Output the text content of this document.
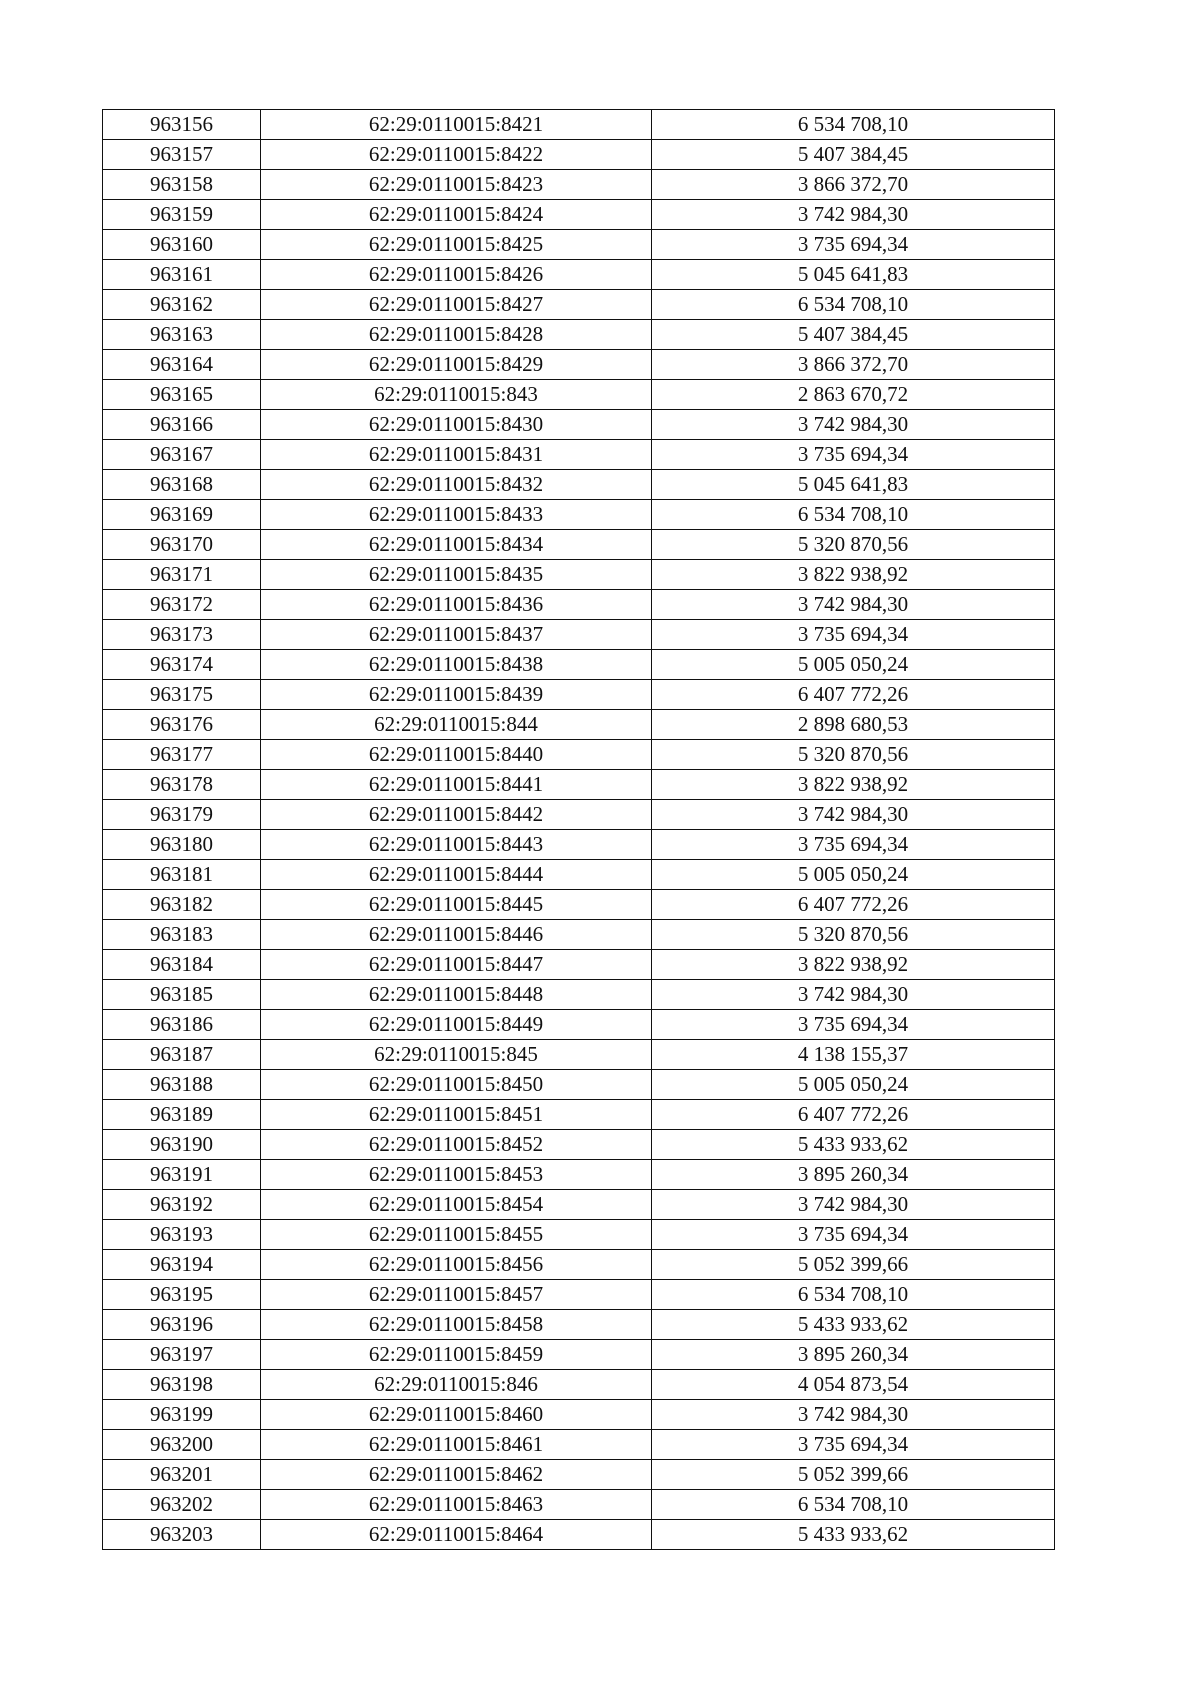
963156	62:29:0110015:8421	6 534 708,10
963157	62:29:0110015:8422	5 407 384,45
963158	62:29:0110015:8423	3 866 372,70
963159	62:29:0110015:8424	3 742 984,30
963160	62:29:0110015:8425	3 735 694,34
963161	62:29:0110015:8426	5 045 641,83
963162	62:29:0110015:8427	6 534 708,10
963163	62:29:0110015:8428	5 407 384,45
963164	62:29:0110015:8429	3 866 372,70
963165	62:29:0110015:843	2 863 670,72
963166	62:29:0110015:8430	3 742 984,30
963167	62:29:0110015:8431	3 735 694,34
963168	62:29:0110015:8432	5 045 641,83
963169	62:29:0110015:8433	6 534 708,10
963170	62:29:0110015:8434	5 320 870,56
963171	62:29:0110015:8435	3 822 938,92
963172	62:29:0110015:8436	3 742 984,30
963173	62:29:0110015:8437	3 735 694,34
963174	62:29:0110015:8438	5 005 050,24
963175	62:29:0110015:8439	6 407 772,26
963176	62:29:0110015:844	2 898 680,53
963177	62:29:0110015:8440	5 320 870,56
963178	62:29:0110015:8441	3 822 938,92
963179	62:29:0110015:8442	3 742 984,30
963180	62:29:0110015:8443	3 735 694,34
963181	62:29:0110015:8444	5 005 050,24
963182	62:29:0110015:8445	6 407 772,26
963183	62:29:0110015:8446	5 320 870,56
963184	62:29:0110015:8447	3 822 938,92
963185	62:29:0110015:8448	3 742 984,30
963186	62:29:0110015:8449	3 735 694,34
963187	62:29:0110015:845	4 138 155,37
963188	62:29:0110015:8450	5 005 050,24
963189	62:29:0110015:8451	6 407 772,26
963190	62:29:0110015:8452	5 433 933,62
963191	62:29:0110015:8453	3 895 260,34
963192	62:29:0110015:8454	3 742 984,30
963193	62:29:0110015:8455	3 735 694,34
963194	62:29:0110015:8456	5 052 399,66
963195	62:29:0110015:8457	6 534 708,10
963196	62:29:0110015:8458	5 433 933,62
963197	62:29:0110015:8459	3 895 260,34
963198	62:29:0110015:846	4 054 873,54
963199	62:29:0110015:8460	3 742 984,30
963200	62:29:0110015:8461	3 735 694,34
963201	62:29:0110015:8462	5 052 399,66
963202	62:29:0110015:8463	6 534 708,10
963203	62:29:0110015:8464	5 433 933,62
